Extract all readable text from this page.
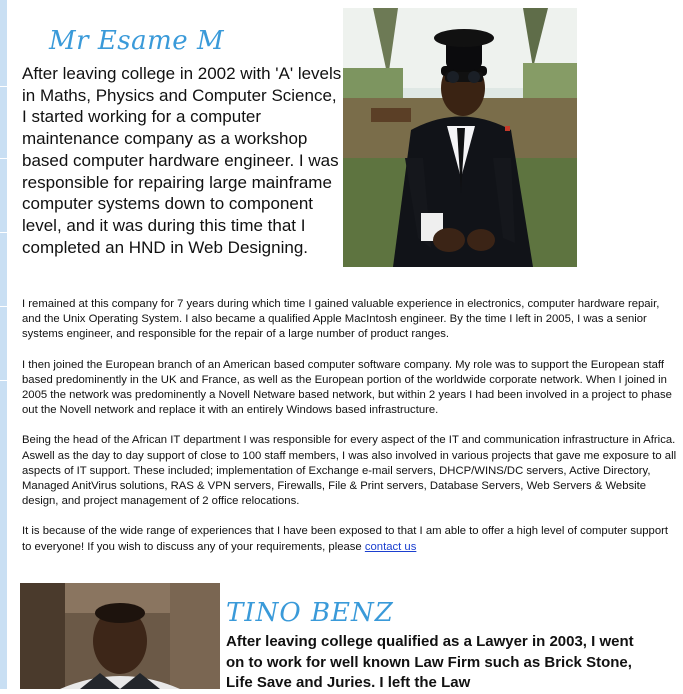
Mr Esame M

After leaving college in 2002 with 'A' levels in Maths, Physics and Computer Science, I started working for a computer maintenance company as a workshop based computer hardware engineer. I was responsible for repairing large mainframe computer systems down to component level, and it was during this time that I completed an HND in Web Designing.

I remained at this company for 7 years during which time I gained valuable experience in electronics, computer hardware repair, and the Unix Operating System. I also became a qualified Apple MacIntosh engineer. By the time I left in 2005, I was a senior systems engineer, and responsible for the repair of a large number of product ranges.

I then joined the European branch of an American based computer software company. My role was to support the European staff based predominently in the UK and France, as well as the European portion of the worldwide corporate network. When I joined in 2005 the network was predominently a Novell Netware based network, but within 2 years I had been involved in a project to phase out the Novell network and replace it with an entirely Windows based infrastructure.

Being the head of the African IT department I was responsible for every aspect of the IT and communication infrastructure in Africa. Aswell as the day to day support of close to 100 staff members, I was also involved in various projects that gave me exposure to all aspects of IT support. These included; implementation of Exchange e-mail servers, DHCP/WINS/DC servers, Active Directory, Managed AnitVirus solutions, RAS & VPN servers, Firewalls, File & Print servers, Database Servers, Web Servers & Website design, and project management of 2 office relocations.

It is because of the wide range of experiences that I have been exposed to that I am able to offer a high level of computer support to everyone! If you wish to discuss any of your requirements, please contact us

TINO BENZ

After leaving college qualified as a Lawyer in 2003, I went on to work for well known Law Firm such as Brick Stone, Life Save and Juries. I left the Law
